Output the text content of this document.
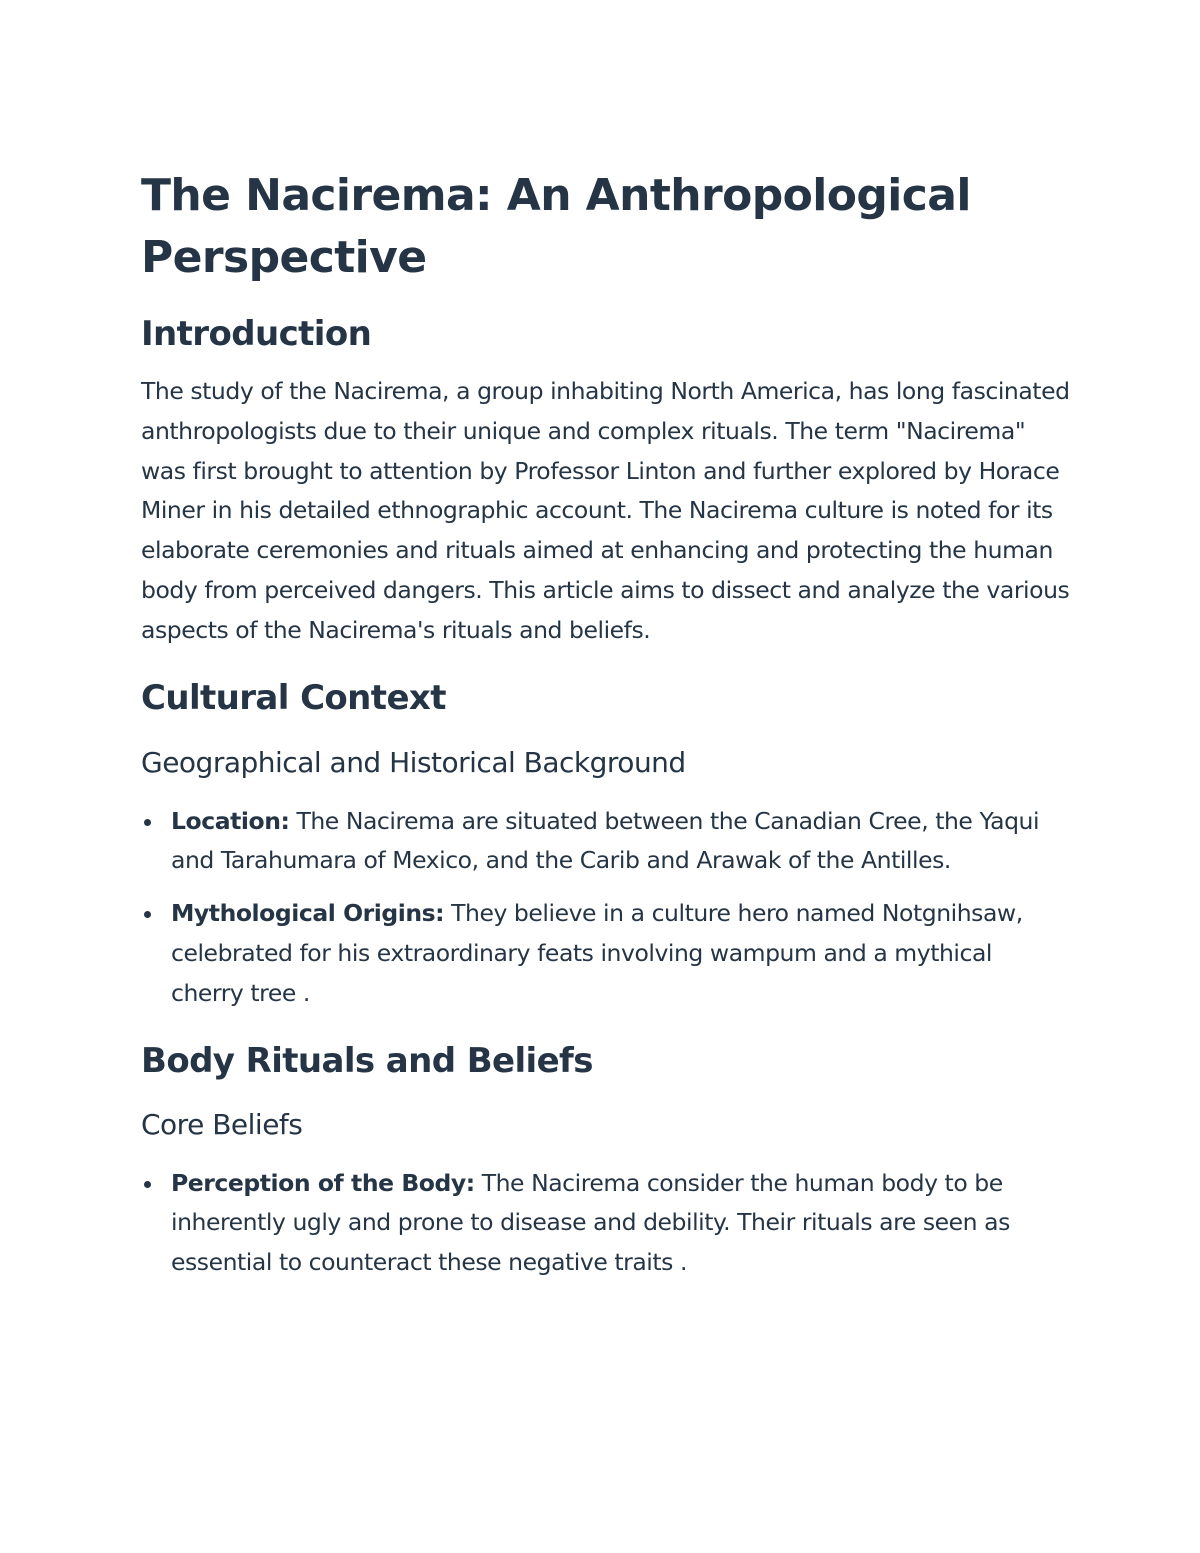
The Nacirema: An Anthropological Perspective
Introduction

The study of the Nacirema, a group inhabiting North America, has long fascinated anthropologists due to their unique and complex rituals. The term "Nacirema" was first brought to attention by Professor Linton and further explored by Horace Miner in his detailed ethnographic account. The Nacirema culture is noted for its elaborate ceremonies and rituals aimed at enhancing and protecting the human body from perceived dangers. This article aims to dissect and analyze the various aspects of the Nacirema's rituals and beliefs.

Cultural Context
Geographical and Historical Background
Location: The Nacirema are situated between the Canadian Cree, the Yaqui and Tarahumara of Mexico, and the Carib and Arawak of the Antilles.
Mythological Origins: They believe in a culture hero named Notgnihsaw, celebrated for his extraordinary feats involving wampum and a mythical cherry tree .
Body Rituals and Beliefs
Core Beliefs
Perception of the Body: The Nacirema consider the human body to be inherently ugly and prone to disease and debility. Their rituals are seen as essential to counteract these negative traits .
